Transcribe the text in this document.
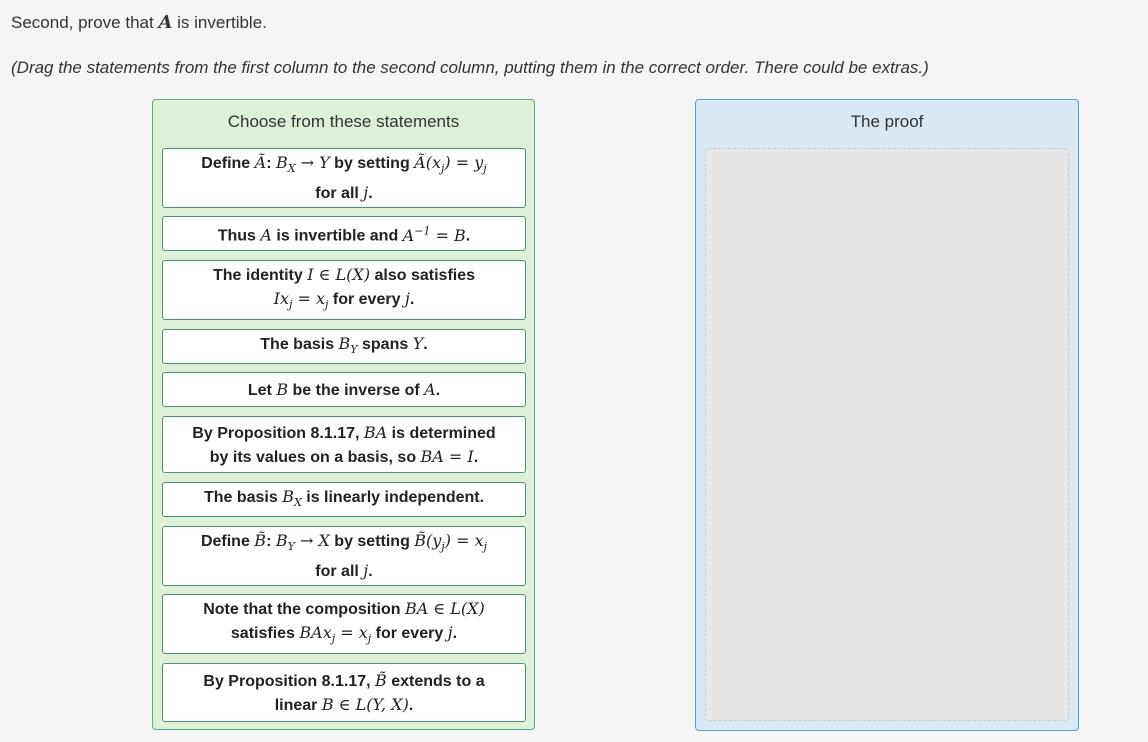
Second, prove that A is invertible.
(Drag the statements from the first column to the second column, putting them in the correct order. There could be extras.)
Choose from these statements
Define Ã: $B_X \to Y$ by setting $Ã(x_j) = y_j$
for all j.
Thus A is invertible and $A^{-1} = B$.
The identity I ∈ L(X) also satisfies
$Ix_j = x_j$ for every j.
The basis $B_Y$ spans Y.
Let B be the inverse of A.
By Proposition 8.1.17, BA is determined
by its values on a basis, so BA = I.
The basis $B_X$ is linearly independent.
Define B̃: $B_Y \to X$ by setting $B̃(y_j) = x_j$
for all j.
Note that the composition BA ∈ L(X)
satisfies $BAx_j = x_j$ for every j.
By Proposition 8.1.17, B̃ extends to a
linear B ∈ L(Y, X).
The proof
